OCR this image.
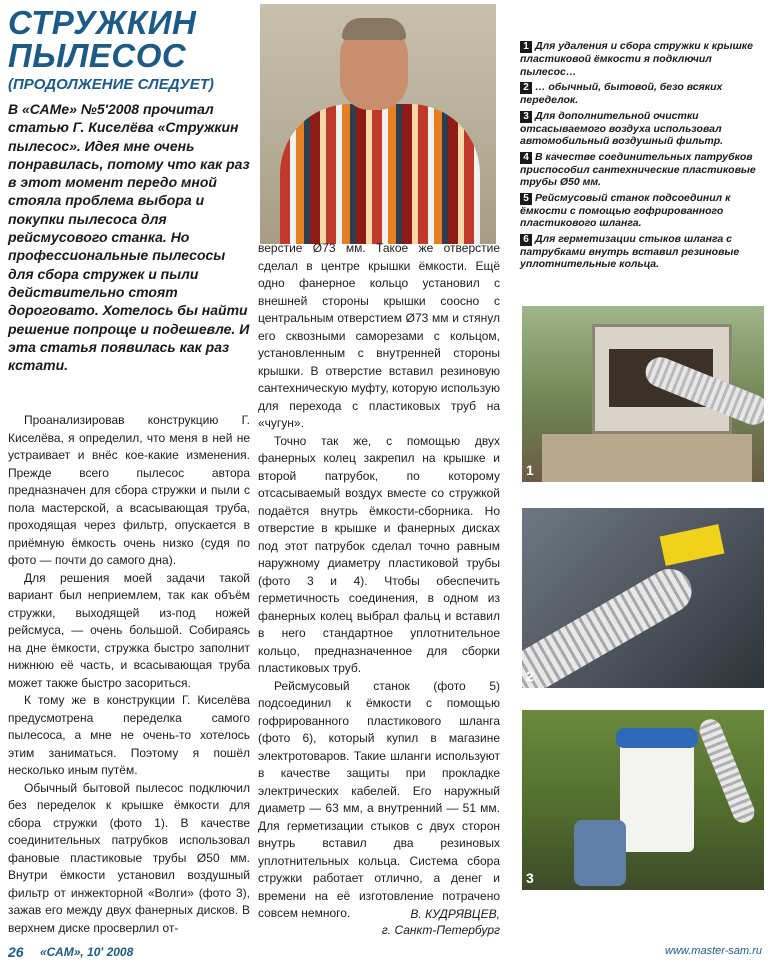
СТРУЖКИН ПЫЛЕСОС
(ПРОДОЛЖЕНИЕ СЛЕДУЕТ)
В «САМе» №5'2008 прочитал статью Г. Киселёва «Стружкин пылесос». Идея мне очень понравилась, потому что как раз в этот момент передо мной стояла проблема выбора и покупки пылесоса для рейсмусового станка. Но профессиональные пылесосы для сбора стружек и пыли действительно стоят дороговато. Хотелось бы найти решение попроще и подешевле. И эта статья появилась как раз кстати.

Проанализировав конструкцию Г. Киселёва, я определил, что меня в ней не устраивает и внёс кое-какие изменения. Прежде всего пылесос автора предназначен для сбора стружки и пыли с пола мастерской, а всасывающая труба, проходящая через фильтр, опускается в приёмную ёмкость очень низко (судя по фото — почти до самого дна).

Для решения моей задачи такой вариант был неприемлем, так как объём стружки, выходящей из-под ножей рейсмуса, — очень большой. Собираясь на дне ёмкости, стружка быстро заполнит нижнюю её часть, и всасывающая труба может также быстро засориться.

К тому же в конструкции Г. Киселёва предусмотрена переделка самого пылесоса, а мне не очень-то хотелось этим заниматься. Поэтому я пошёл несколько иным путём.

Обычный бытовой пылесос подключил без переделок к крышке ёмкости для сбора стружки (фото 1). В качестве соединительных патрубков использовал фановые пластиковые трубы Ø50 мм. Внутри ёмкости установил воздушный фильтр от инжекторной «Волги» (фото 3), зажав его между двух фанерных дисков. В верхнем диске просверлил от-

верстие Ø73 мм. Такое же отверстие сделал в центре крышки ёмкости. Ещё одно фанерное кольцо установил с внешней стороны крышки соосно с центральным отверстием Ø73 мм и стянул его сквозными саморезами с кольцом, установленным с внутренней стороны крышки. В отверстие вставил резиновую сантехническую муфту, которую использую для перехода с пластиковых труб на «чугун».

Точно так же, с помощью двух фанерных колец закрепил на крышке и второй патрубок, по которому отсасываемый воздух вместе со стружкой подаётся внутрь ёмкости-сборника. Но отверстие в крышке и фанерных дисках под этот патрубок сделал точно равным наружному диаметру пластиковой трубы (фото 3 и 4). Чтобы обеспечить герметичность соединения, в одном из фанерных колец выбрал фальц и вставил в него стандартное уплотнительное кольцо, предназначенное для сборки пластиковых труб.

Рейсмусовый станок (фото 5) подсоединил к ёмкости с помощью гофрированного пластикового шланга (фото 6), который купил в магазине электротоваров. Такие шланги используют в качестве защиты при прокладке электрических кабелей. Его наружный диаметр — 63 мм, а внутренний — 51 мм. Для герметизации стыков с двух сторон внутрь вставил два резиновых уплотнительных кольца. Система сбора стружки работает отлично, а денег и времени на её изготовление потрачено совсем немного.	В. КУДРЯВЦЕВ,
г. Санкт-Петербург
1 Для удаления и сбора стружки к крышке пластиковой ёмкости я подключил пылесос…
2 … обычный, бытовой, безо всяких переделок.
3 Для дополнительной очистки отсасываемого воздуха использовал автомобильный воздушный фильтр.
4 В качестве соединительных патрубков приспособил сантехнические пластиковые трубы Ø50 мм.
5 Рейсмусовый станок подсоединил к ёмкости с помощью гофрированного пластикового шланга.
6 Для герметизации стыков шланга с патрубками внутрь вставил резиновые уплотнительные кольца.
1
2
3
26 «САМ», 10' 2008	www.master-sam.ru
